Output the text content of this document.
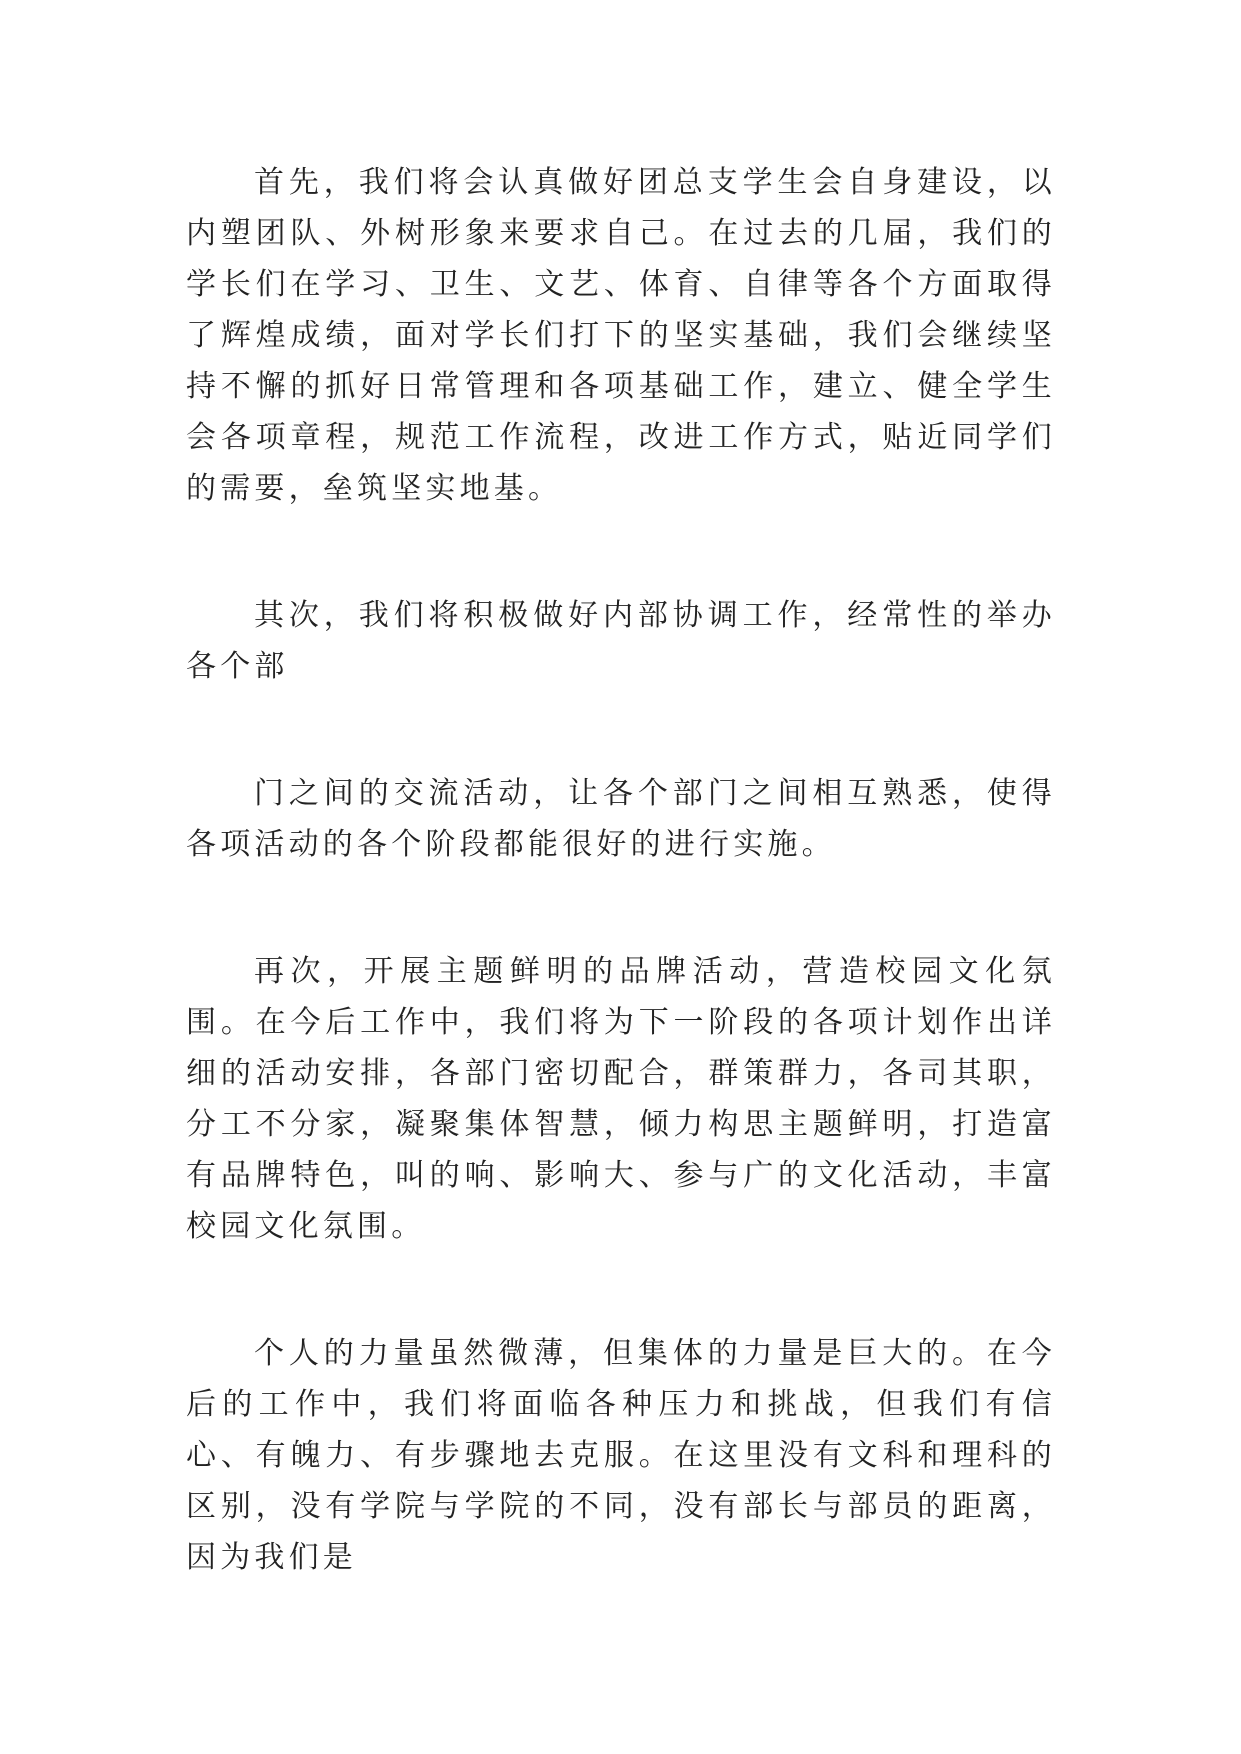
首先，我们将会认真做好团总支学生会自身建设，以内塑团队、外树形象来要求自己。在过去的几届，我们的学长们在学习、卫生、文艺、体育、自律等各个方面取得了辉煌成绩，面对学长们打下的坚实基础，我们会继续坚持不懈的抓好日常管理和各项基础工作，建立、健全学生会各项章程，规范工作流程，改进工作方式，贴近同学们的需要，垒筑坚实地基。

其次，我们将积极做好内部协调工作，经常性的举办各个部

门之间的交流活动，让各个部门之间相互熟悉，使得各项活动的各个阶段都能很好的进行实施。

再次，开展主题鲜明的品牌活动，营造校园文化氛围。在今后工作中，我们将为下一阶段的各项计划作出详细的活动安排，各部门密切配合，群策群力，各司其职，分工不分家，凝聚集体智慧，倾力构思主题鲜明，打造富有品牌特色，叫的响、影响大、参与广的文化活动，丰富校园文化氛围。

个人的力量虽然微薄，但集体的力量是巨大的。在今后的工作中，我们将面临各种压力和挑战，但我们有信心、有魄力、有步骤地去克服。在这里没有文科和理科的区别，没有学院与学院的不同，没有部长与部员的距离，因为我们是
